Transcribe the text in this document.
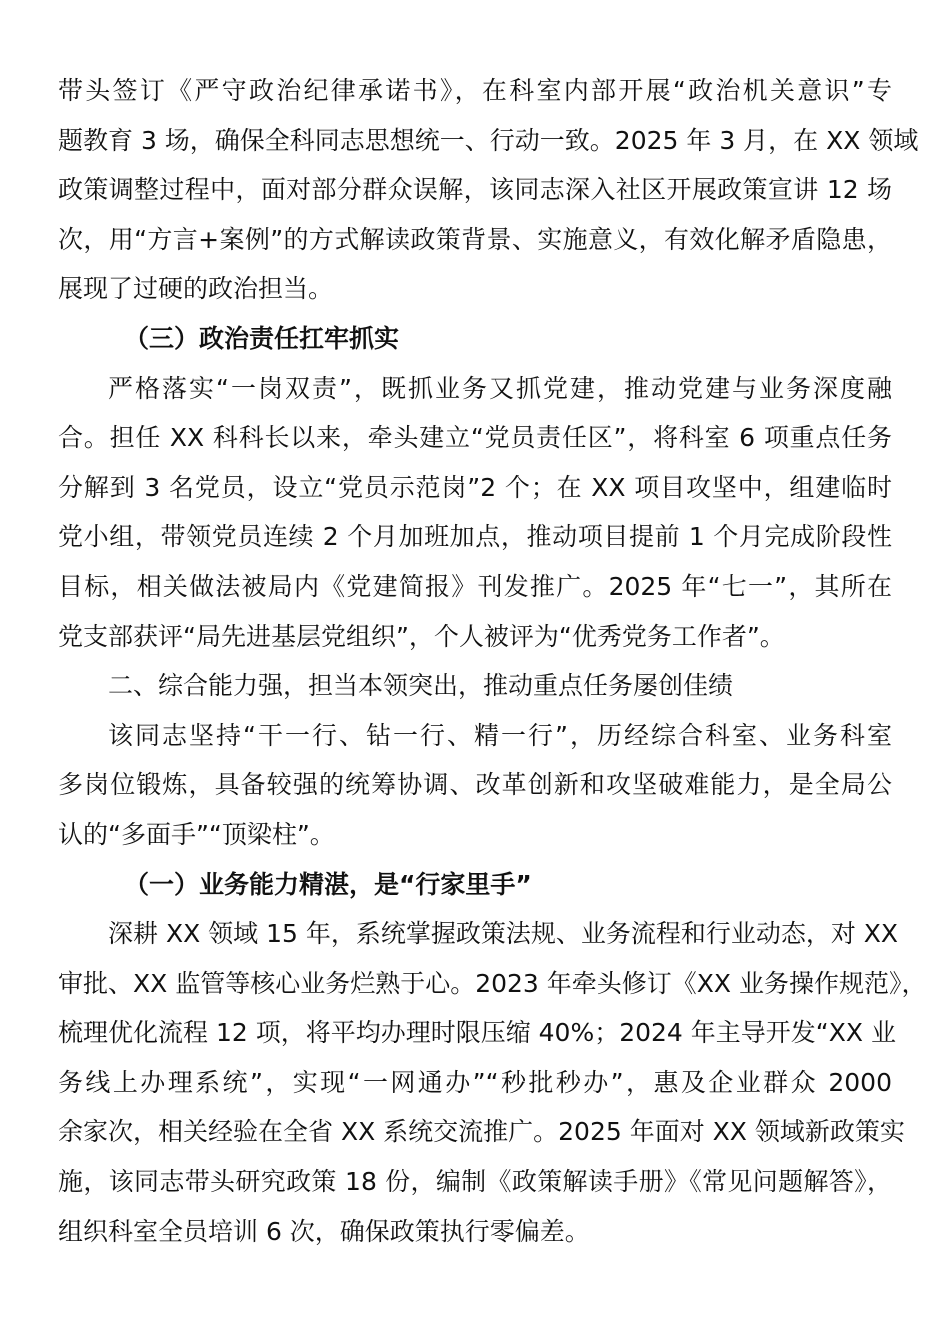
带头签订《严守政治纪律承诺书》，在科室内部开展“政治机关意识”专
题教育 3 场，确保全科同志思想统一、行动一致。2025 年 3 月，在 XX 领域
政策调整过程中，面对部分群众误解，该同志深入社区开展政策宣讲 12 场
次，用“方言+案例”的方式解读政策背景、实施意义，有效化解矛盾隐患，
展现了过硬的政治担当。
（三）政治责任扛牢抓实
严格落实“一岗双责”，既抓业务又抓党建，推动党建与业务深度融
合。担任 XX 科科长以来，牵头建立“党员责任区”，将科室 6 项重点任务
分解到 3 名党员，设立“党员示范岗”2 个；在 XX 项目攻坚中，组建临时
党小组，带领党员连续 2 个月加班加点，推动项目提前 1 个月完成阶段性
目标，相关做法被局内《党建简报》刊发推广。2025 年“七一”，其所在
党支部获评“局先进基层党组织”，个人被评为“优秀党务工作者”。
二、综合能力强，担当本领突出，推动重点任务屡创佳绩
该同志坚持“干一行、钻一行、精一行”，历经综合科室、业务科室
多岗位锻炼，具备较强的统筹协调、改革创新和攻坚破难能力，是全局公
认的“多面手”“顶梁柱”。
（一）业务能力精湛，是“行家里手”
深耕 XX 领域 15 年，系统掌握政策法规、业务流程和行业动态，对 XX
审批、XX 监管等核心业务烂熟于心。2023 年牵头修订《XX 业务操作规范》，
梳理优化流程 12 项，将平均办理时限压缩 40%；2024 年主导开发“XX 业
务线上办理系统”，实现“一网通办”“秒批秒办”，惠及企业群众 2000
余家次，相关经验在全省 XX 系统交流推广。2025 年面对 XX 领域新政策实
施，该同志带头研究政策 18 份，编制《政策解读手册》《常见问题解答》，
组织科室全员培训 6 次，确保政策执行零偏差。
